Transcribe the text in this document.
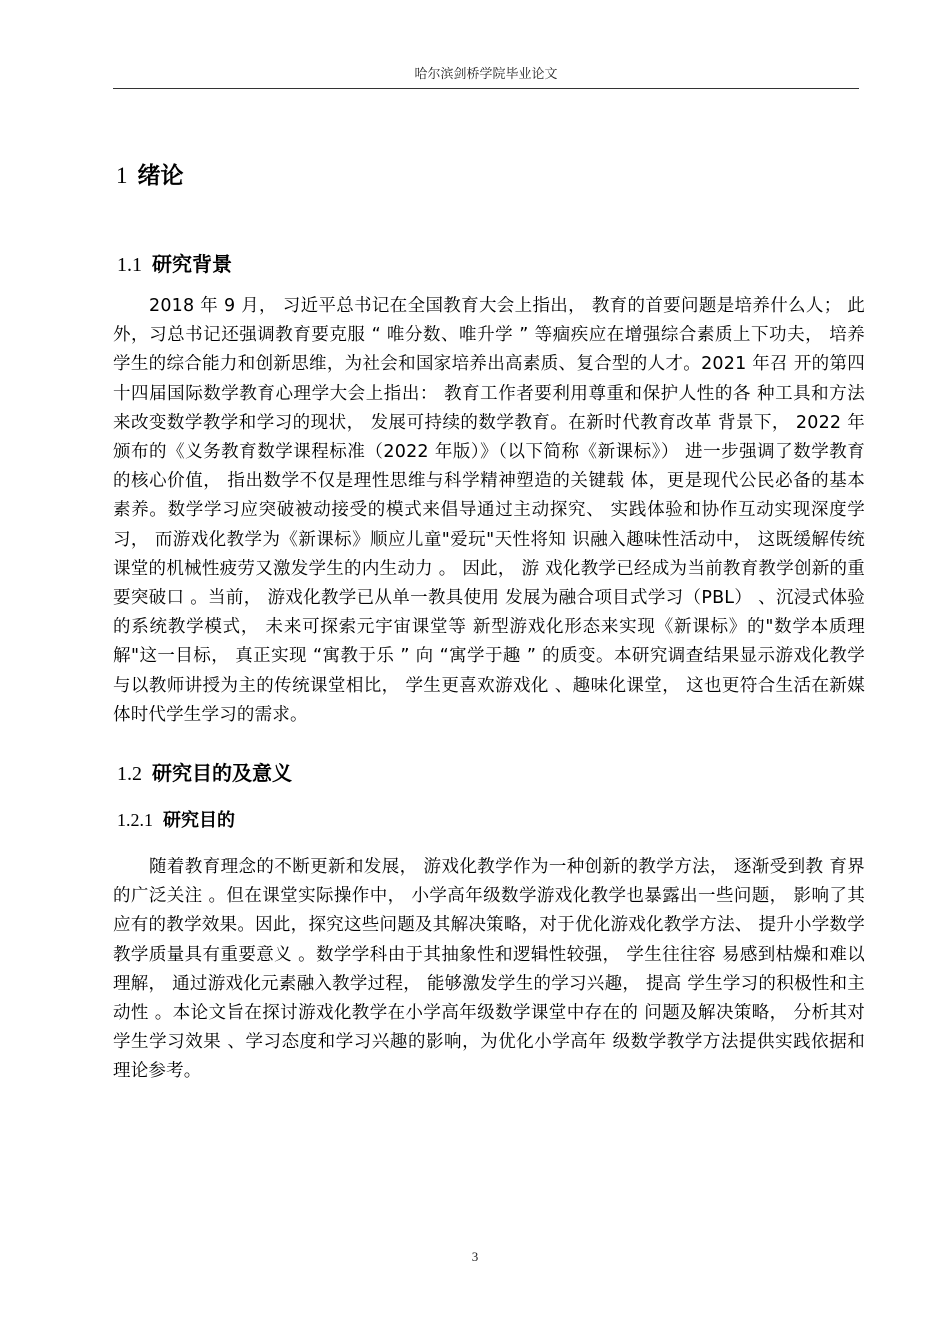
哈尔滨剑桥学院毕业论文
1 绪论
1.1 研究背景

2018 年 9 月， 习近平总书记在全国教育大会上指出， 教育的首要问题是培养什么人； 此外，习总书记还强调教育要克服 “ 唯分数、唯升学 ” 等痼疾应在增强综合素质上下功夫， 培养学生的综合能力和创新思维，为社会和国家培养出高素质、复合型的人才。2021 年召 开的第四十四届国际数学教育心理学大会上指出： 教育工作者要利用尊重和保护人性的各 种工具和方法来改变数学教学和学习的现状， 发展可持续的数学教育。在新时代教育改革 背景下， 2022 年颁布的《义务教育数学课程标准（2022 年版）》（以下简称《新课标》） 进一步强调了数学教育的核心价值， 指出数学不仅是理性思维与科学精神塑造的关键载 体，更是现代公民必备的基本素养。数学学习应突破被动接受的模式来倡导通过主动探究、 实践体验和协作互动实现深度学习， 而游戏化教学为《新课标》顺应儿童"爱玩"天性将知 识融入趣味性活动中， 这既缓解传统课堂的机械性疲劳又激发学生的内生动力 。 因此， 游 戏化教学已经成为当前教育教学创新的重要突破口 。当前， 游戏化教学已从单一教具使用 发展为融合项目式学习（PBL） 、沉浸式体验的系统教学模式， 未来可探索元宇宙课堂等 新型游戏化形态来实现《新课标》的"数学本质理解"这一目标， 真正实现 “寓教于乐 ” 向 “寓学于趣 ” 的质变。本研究调查结果显示游戏化教学与以教师讲授为主的传统课堂相比， 学生更喜欢游戏化 、趣味化课堂， 这也更符合生活在新媒体时代学生学习的需求。

1.2 研究目的及意义
1.2.1 研究目的

随着教育理念的不断更新和发展， 游戏化教学作为一种创新的教学方法， 逐渐受到教 育界的广泛关注 。但在课堂实际操作中， 小学高年级数学游戏化教学也暴露出一些问题， 影响了其应有的教学效果。因此，探究这些问题及其解决策略，对于优化游戏化教学方法、 提升小学数学教学质量具有重要意义 。数学学科由于其抽象性和逻辑性较强， 学生往往容 易感到枯燥和难以理解， 通过游戏化元素融入教学过程， 能够激发学生的学习兴趣， 提高 学生学习的积极性和主动性 。本论文旨在探讨游戏化教学在小学高年级数学课堂中存在的 问题及解决策略， 分析其对学生学习效果 、学习态度和学习兴趣的影响，为优化小学高年 级数学教学方法提供实践依据和理论参考。

3
